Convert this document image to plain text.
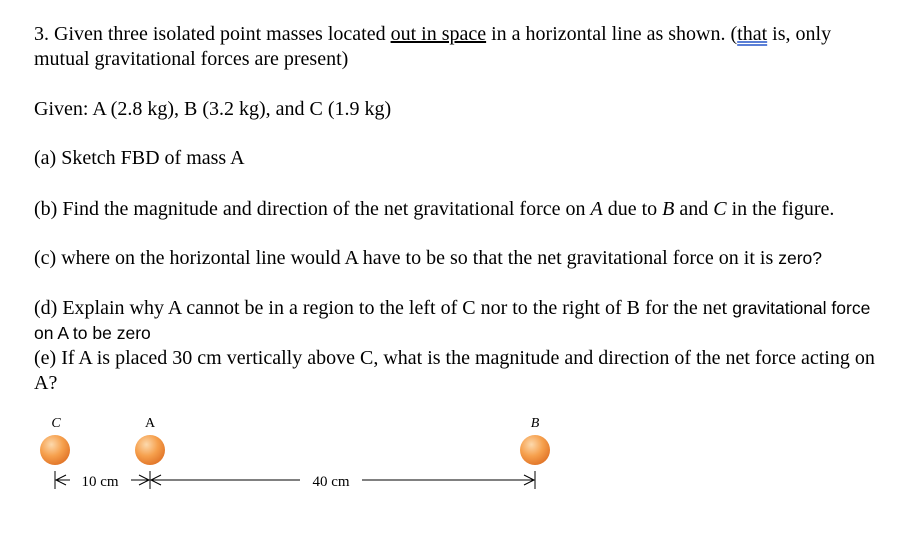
3. Given three isolated point masses located out in space in a horizontal line as shown. (that is, only mutual gravitational forces are present)

Given: A (2.8 kg), B (3.2 kg), and C (1.9 kg)

(a) Sketch FBD of mass A

(b) Find the magnitude and direction of the net gravitational force on A due to B and C in the figure.

(c) where on the horizontal line would A have to be so that the net gravitational force on it is zero?

(d) Explain why A cannot be in a region to the left of C nor to the right of B for the net gravitational force on A to be zero

(e) If A is placed 30 cm vertically above C, what is the magnitude and direction of the net force acting on A?

C	A	B
10 cm	40 cm
